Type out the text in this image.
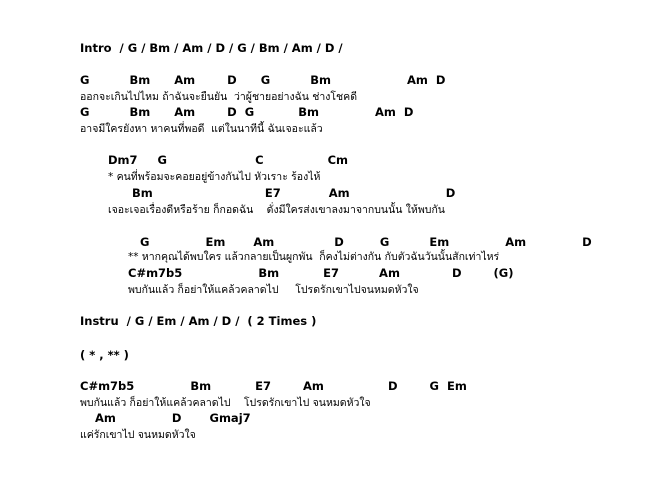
Intro  / G / Bm / Am / D / G / Bm / Am / D /
G          Bm      Am        D      G          Bm                   Am  D
ออกจะเกินไปไหม ถ้าฉันจะยืนยัน  ว่าผู้ชายอย่างฉัน ช่างโชคดี
G          Bm      Am        D  G           Bm              Am  D
อาจมีใครยังหา หาคนที่พอดี  แต่ในนาทีนี้ ฉันเจอะแล้ว
Dm7     G                      C                Cm
* คนที่พร้อมจะคอยอยู่ข้างกันไป หัวเราะ ร้องไห้
Bm                            E7            Am                        D
เจอะเจอเรื่องดีหรือร้าย ก็กอดฉัน    ดั่งมีใครส่งเขาลงมาจากบนนั้น ให้พบกัน
G              Em       Am               D         G          Em              Am              D
** หากคุณได้พบใคร แล้วกลายเป็นผูกพัน  ก็คงไม่ต่างกัน กับตัวฉันวันนั้นสักเท่าไหร่
C#m7b5                   Bm           E7          Am             D        (G)
พบกันแล้ว ก็อย่าให้แคล้วคลาดไป     โปรดรักเขาไปจนหมดหัวใจ
Instru  / G / Em / Am / D /  ( 2 Times )
( * , ** )
C#m7b5              Bm           E7        Am                D        G  Em
พบกันแล้ว ก็อย่าให้แคล้วคลาดไป    โปรดรักเขาไป จนหมดหัวใจ
Am              D       Gmaj7
แค่รักเขาไป จนหมดหัวใจ
